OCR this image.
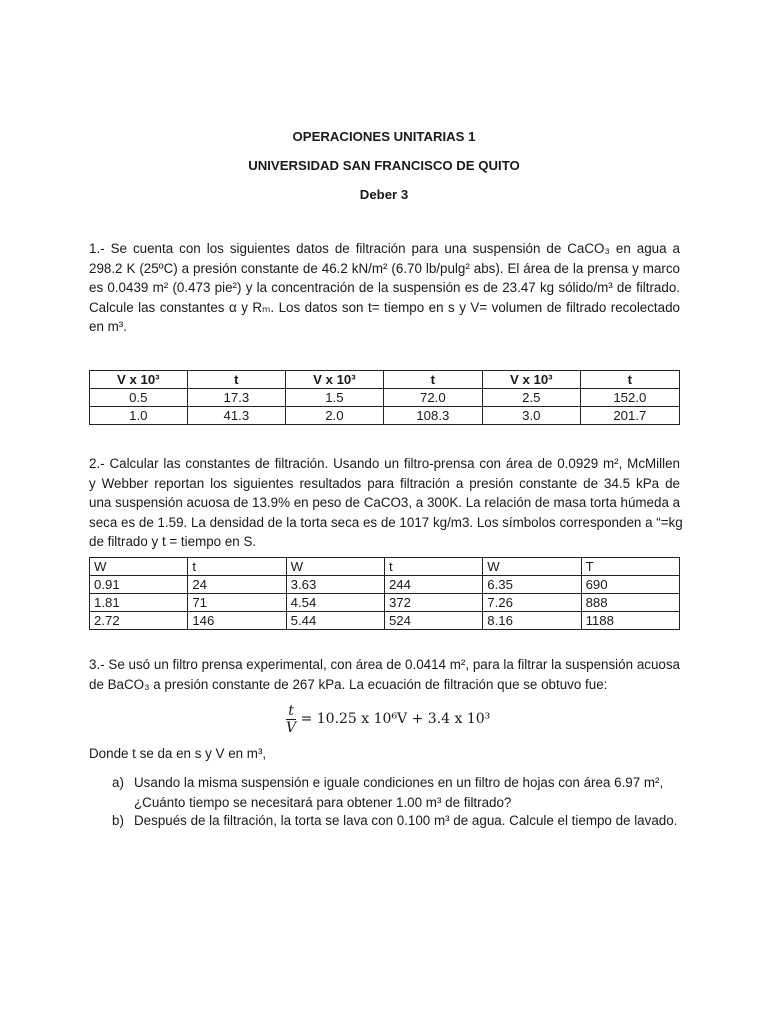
OPERACIONES UNITARIAS 1
UNIVERSIDAD SAN FRANCISCO DE QUITO
Deber 3
1.- Se cuenta con los siguientes datos de filtración para una suspensión de CaCO₃ en agua a
298.2 K (25ºC) a presión constante de 46.2 kN/m² (6.70 lb/pulg² abs). El área de la prensa y marco
es 0.0439 m² (0.473 pie²) y la concentración de la suspensión es de 23.47 kg sólido/m³ de filtrado.
Calcule las constantes α y Rₘ. Los datos son t= tiempo en s y V= volumen de filtrado recolectado
en m³.
V x 10³	t	V x 10³	t	V x 10³	t
0.5	17.3	1.5	72.0	2.5	152.0
1.0	41.3	2.0	108.3	3.0	201.7
2.- Calcular las constantes de filtración. Usando un filtro-prensa con área de 0.0929 m², McMillen
y Webber reportan los siguientes resultados para filtración a presión constante de 34.5 kPa de
una suspensión acuosa de 13.9% en peso de CaCO3, a 300K. La relación de masa torta húmeda a
seca es de 1.59. La densidad de la torta seca es de 1017 kg/m3. Los símbolos corresponden a “=kg
de filtrado y t = tiempo en S.
W	t	W	t	W	T
0.91	24	3.63	244	6.35	690
1.81	71	4.54	372	7.26	888
2.72	146	5.44	524	8.16	1188
3.- Se usó un filtro prensa experimental, con área de 0.0414 m², para la filtrar la suspensión acuosa
de BaCO₃ a presión constante de 267 kPa. La ecuación de filtración que se obtuvo fue:
$\frac{t}{V} = 10.25$ x 10⁶V + 3.4 x 10³
Donde t se da en s y V en m³,
a) Usando la misma suspensión e iguale condiciones en un filtro de hojas con área 6.97 m²,
¿Cuánto tiempo se necesitará para obtener 1.00 m³ de filtrado?
b) Después de la filtración, la torta se lava con 0.100 m³ de agua. Calcule el tiempo de lavado.
